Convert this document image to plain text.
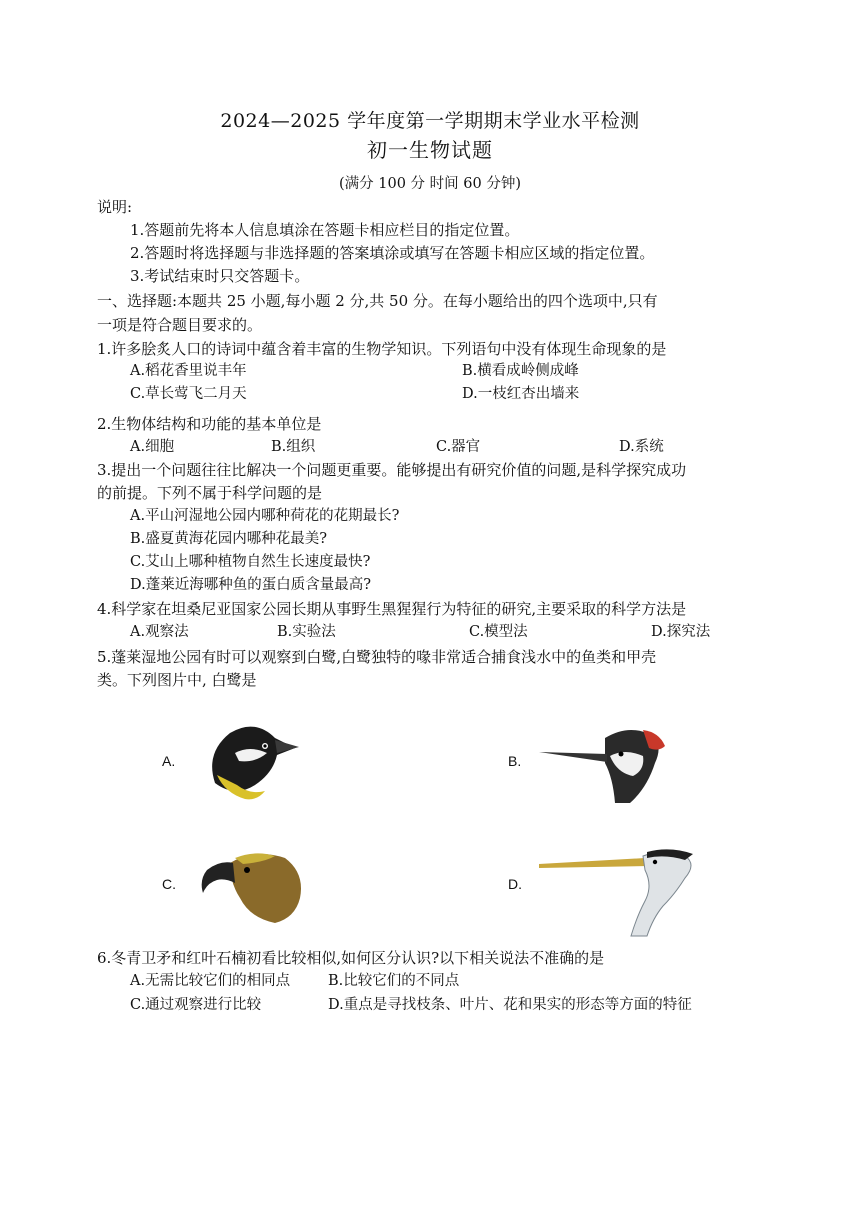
2024—2025 学年度第一学期期末学业水平检测
初一生物试题
(满分 100 分 时间 60 分钟)
说明:
1.答题前先将本人信息填涂在答题卡相应栏目的指定位置。
2.答题时将选择题与非选择题的答案填涂或填写在答题卡相应区域的指定位置。
3.考试结束时只交答题卡。
一、选择题:本题共 25 小题,每小题 2 分,共 50 分。在每小题给出的四个选项中,只有
一项是符合题目要求的。
1.许多脍炙人口的诗词中蕴含着丰富的生物学知识。下列语句中没有体现生命现象的是
A.稻花香里说丰年	B.横看成岭侧成峰
C.草长莺飞二月天	D.一枝红杏出墙来
2.生物体结构和功能的基本单位是
A.细胞	B.组织	C.器官	D.系统
3.提出一个问题往往比解决一个问题更重要。能够提出有研究价值的问题,是科学探究成功
的前提。下列不属于科学问题的是
A.平山河湿地公园内哪种荷花的花期最长?
B.盛夏黄海花园内哪种花最美?
C.艾山上哪种植物自然生长速度最快?
D.蓬莱近海哪种鱼的蛋白质含量最高?
4.科学家在坦桑尼亚国家公园长期从事野生黑猩猩行为特征的研究,主要采取的科学方法是
A.观察法	B.实验法	C.模型法	D.探究法
5.蓬莱湿地公园有时可以观察到白鹭,白鹭独特的喙非常适合捕食浅水中的鱼类和甲壳
类。下列图片中, 白鹭是
A.	B.
C.	D.
6.冬青卫矛和红叶石楠初看比较相似,如何区分认识?以下相关说法不准确的是
A.无需比较它们的相同点	B.比较它们的不同点
C.通过观察进行比较	D.重点是寻找枝条、叶片、花和果实的形态等方面的特征
